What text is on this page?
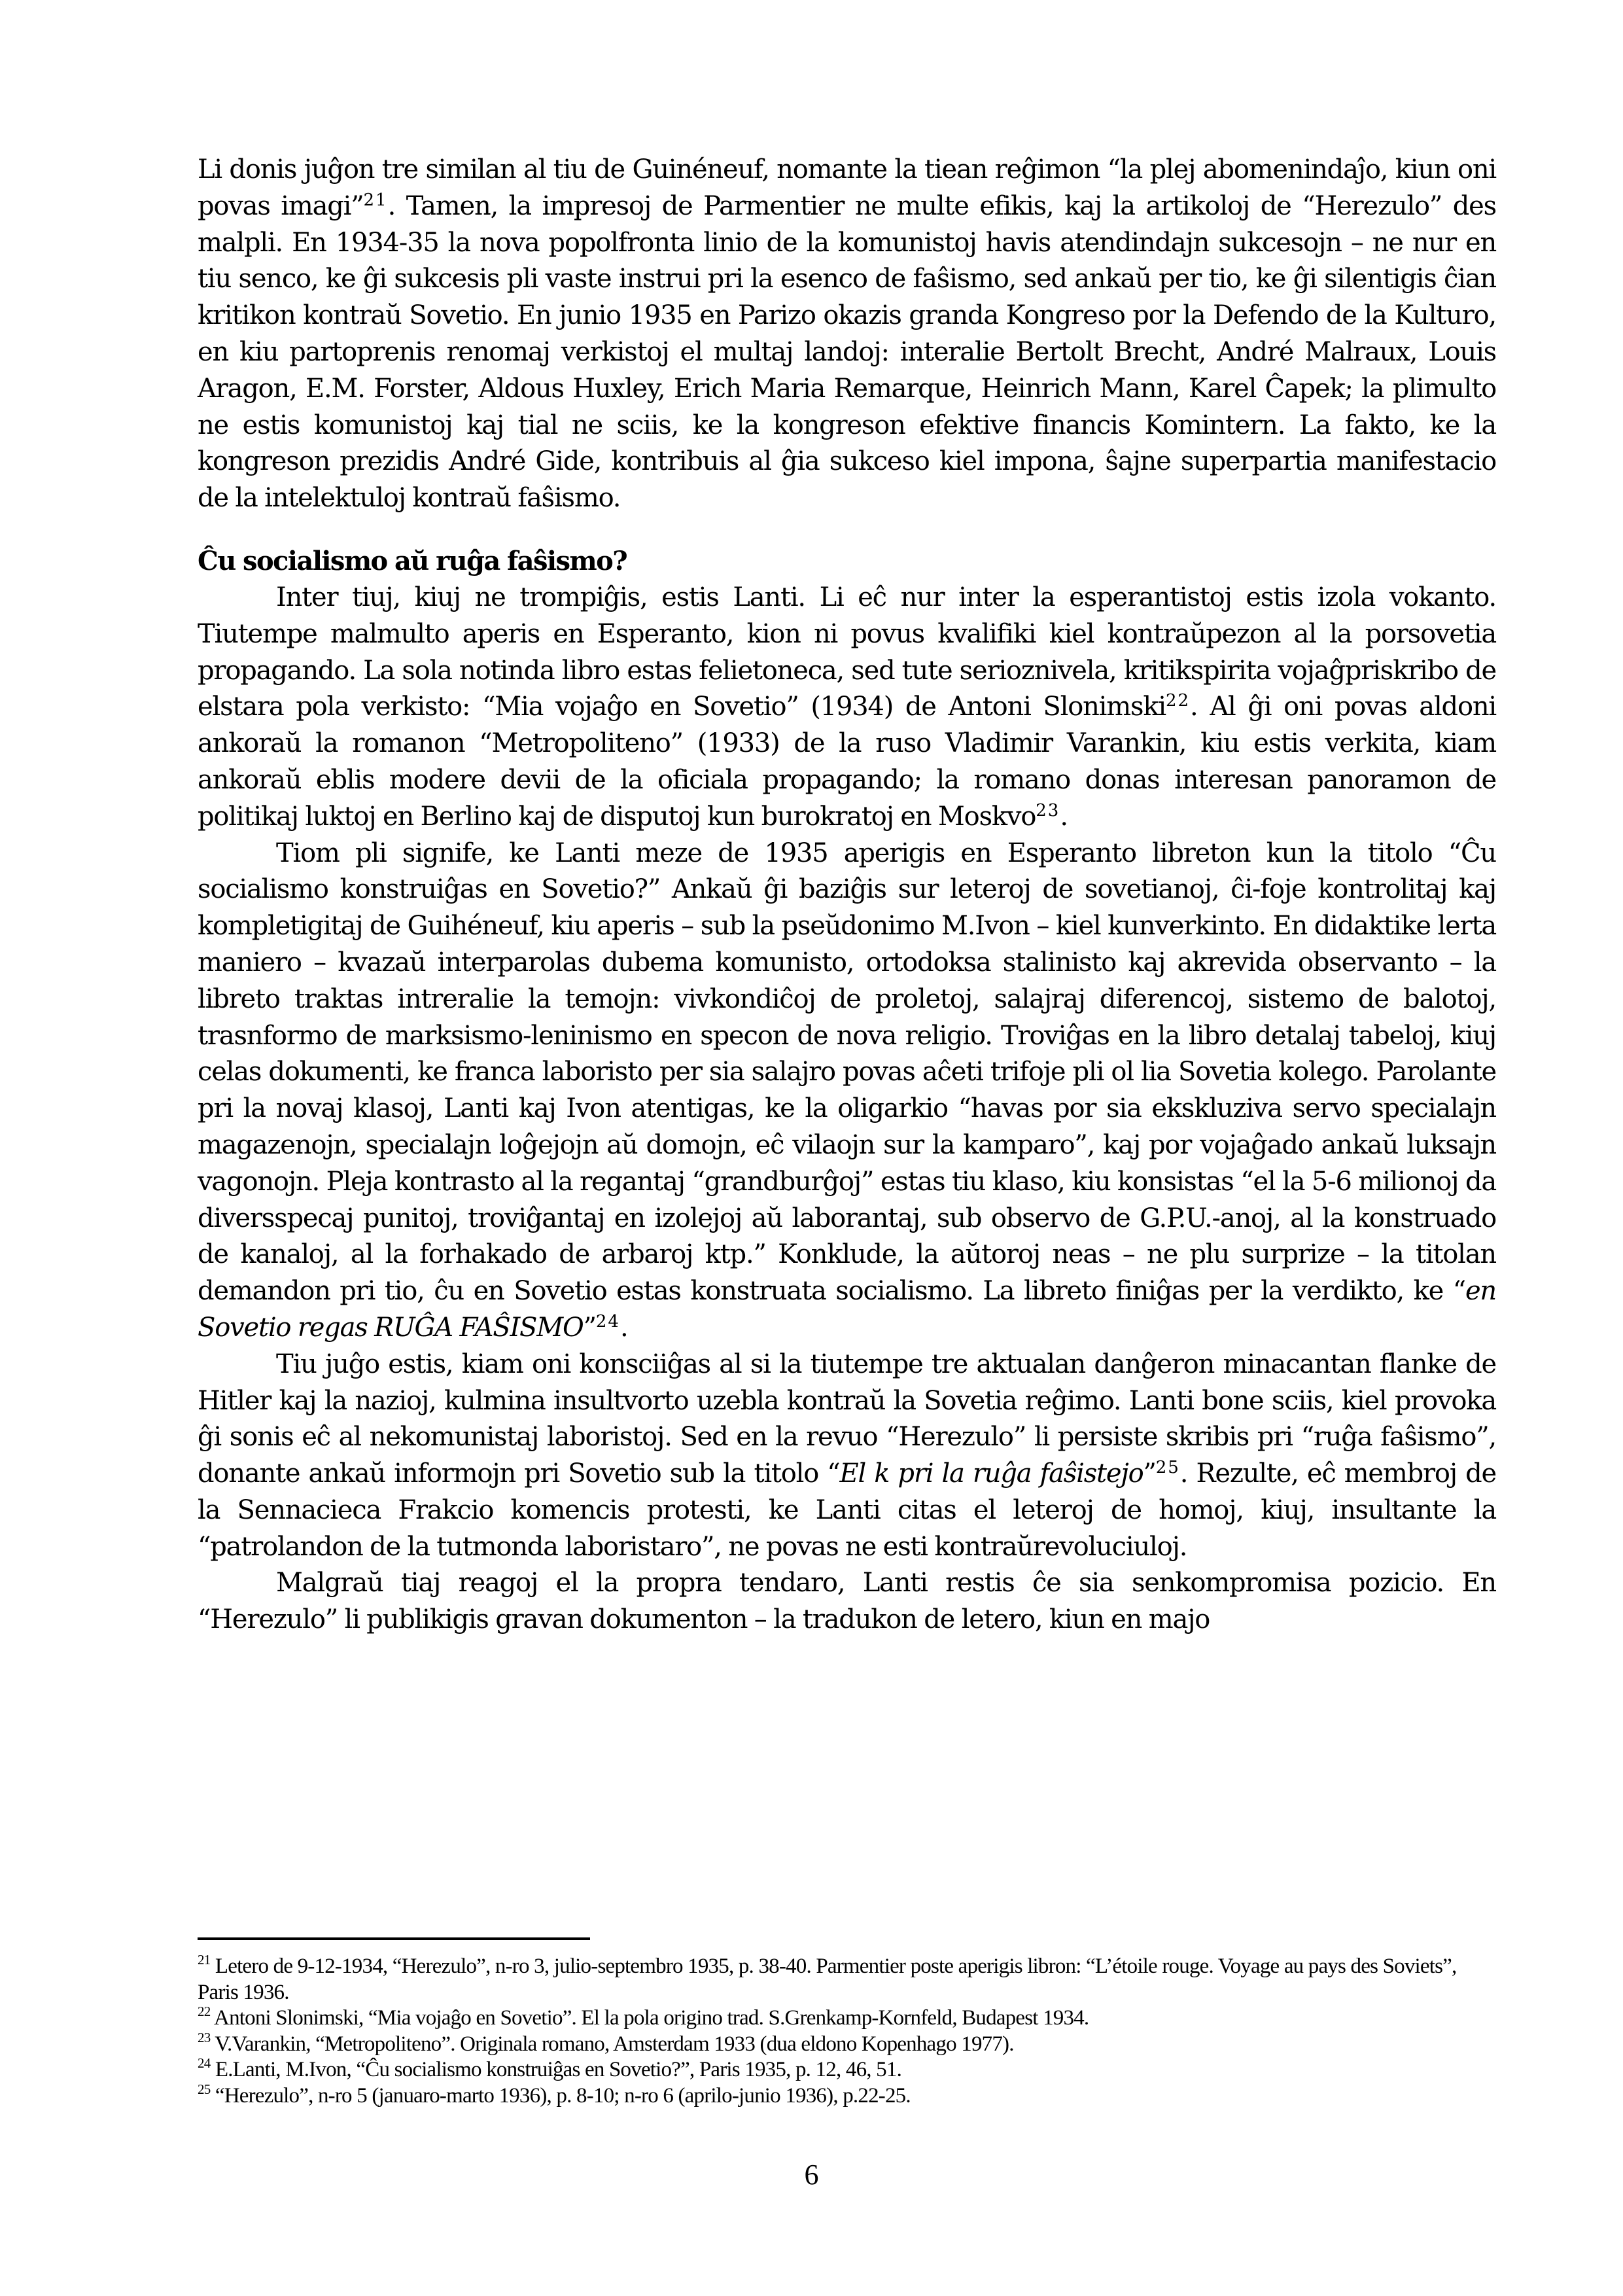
Li donis juĝon tre similan al tiu de Guinéneuf, nomante la tiean reĝimon “la plej abomenindaĵo, kiun oni povas imagi”$^{21}$. Tamen, la impresoj de Parmentier ne multe efikis, kaj la artikoloj de “Herezulo” des malpli. En 1934-35 la nova popolfronta linio de la komunistoj havis atendindajn sukcesojn – ne nur en tiu senco, ke ĝi sukcesis pli vaste instrui pri la esenco de faŝismo, sed ankaŭ per tio, ke ĝi silentigis ĉian kritikon kontraŭ Sovetio. En junio 1935 en Parizo okazis granda Kongreso por la Defendo de la Kulturo, en kiu partoprenis renomaj verkistoj el multaj landoj: interalie Bertolt Brecht, André Malraux, Louis Aragon, E.M. Forster, Aldous Huxley, Erich Maria Remarque, Heinrich Mann, Karel Ĉapek; la plimulto ne estis komunistoj kaj tial ne sciis, ke la kongreson efektive financis Komintern. La fakto, ke la kongreson prezidis André Gide, kontribuis al ĝia sukceso kiel impona, ŝajne superpartia manifestacio de la intelektuloj kontraŭ faŝismo.

Ĉu socialismo aŭ ruĝa faŝismo?

Inter tiuj, kiuj ne trompiĝis, estis Lanti. Li eĉ nur inter la esperantistoj estis izola vokanto. Tiutempe malmulto aperis en Esperanto, kion ni povus kvalifiki kiel kontraŭpezon al la porsovetia propagando. La sola notinda libro estas felietoneca, sed tute serioznivela, kritikspirita vojaĝpriskribo de elstara pola verkisto: “Mia vojaĝo en Sovetio” (1934) de Antoni Slonimski$^{22}$. Al ĝi oni povas aldoni ankoraŭ la romanon “Metropoliteno” (1933) de la ruso Vladimir Varankin, kiu estis verkita, kiam ankoraŭ eblis modere devii de la oficiala propagando; la romano donas interesan panoramon de politikaj luktoj en Berlino kaj de disputoj kun burokratoj en Moskvo$^{23}$.

Tiom pli signife, ke Lanti meze de 1935 aperigis en Esperanto libreton kun la titolo “Ĉu socialismo konstruiĝas en Sovetio?” Ankaŭ ĝi baziĝis sur leteroj de sovetianoj, ĉi-foje kontrolitaj kaj kompletigitaj de Guihéneuf, kiu aperis – sub la pseŭdonimo M.Ivon – kiel kunverkinto. En didaktike lerta maniero – kvazaŭ interparolas dubema komunisto, ortodoksa stalinisto kaj akrevida observanto – la libreto traktas intreralie la temojn: vivkondiĉoj de proletoj, salajraj diferencoj, sistemo de balotoj, trasnformo de marksismo-leninismo en specon de nova religio. Troviĝas en la libro detalaj tabeloj, kiuj celas dokumenti, ke franca laboristo per sia salajro povas aĉeti trifoje pli ol lia Sovetia kolego. Parolante pri la novaj klasoj, Lanti kaj Ivon atentigas, ke la oligarkio “havas por sia ekskluziva servo specialajn magazenojn, specialajn loĝejojn aŭ domojn, eĉ vilaojn sur la kamparo”, kaj por vojaĝado ankaŭ luksajn vagonojn. Pleja kontrasto al la regantaj “grandburĝoj” estas tiu klaso, kiu konsistas “el la 5-6 milionoj da diversspecaj punitoj, troviĝantaj en izolejoj aŭ laborantaj, sub observo de G.P.U.-anoj, al la konstruado de kanaloj, al la forhakado de arbaroj ktp.” Konklude, la aŭtoroj neas – ne plu surprize – la titolan demandon pri tio, ĉu en Sovetio estas konstruata socialismo. La libreto finiĝas per la verdikto, ke “en Sovetio regas RUĜA FAŜISMO”$^{24}$.

Tiu juĝo estis, kiam oni konsciiĝas al si la tiutempe tre aktualan danĝeron minacantan flanke de Hitler kaj la nazioj, kulmina insultvorto uzebla kontraŭ la Sovetia reĝimo. Lanti bone sciis, kiel provoka ĝi sonis eĉ al nekomunistaj laboristoj. Sed en la revuo “Herezulo” li persiste skribis pri “ruĝa faŝismo”, donante ankaŭ informojn pri Sovetio sub la titolo “El k pri la ruĝa faŝistejo”$^{25}$. Rezulte, eĉ membroj de la Sennacieca Frakcio komencis protesti, ke Lanti citas el leteroj de homoj, kiuj, insultante la “patrolandon de la tutmonda laboristaro”, ne povas ne esti kontraŭrevoluciuloj.

Malgraŭ tiaj reagoj el la propra tendaro, Lanti restis ĉe sia senkompromisa pozicio. En “Herezulo” li publikigis gravan dokumenton – la tradukon de letero, kiun en majo

$^{21}$ Letero de 9-12-1934, “Herezulo”, n-ro 3, julio-septembro 1935, p. 38-40. Parmentier poste aperigis libron: “L’étoile rouge. Voyage au pays des Soviets”, Paris 1936.

$^{22}$ Antoni Slonimski, “Mia vojaĝo en Sovetio”. El la pola origino trad. S.Grenkamp-Kornfeld, Budapest 1934.

$^{23}$ V.Varankin, “Metropoliteno”. Originala romano, Amsterdam 1933 (dua eldono Kopenhago 1977).

$^{24}$ E.Lanti, M.Ivon, “Ĉu socialismo konstruiĝas en Sovetio?”, Paris 1935, p. 12, 46, 51.

$^{25}$ “Herezulo”, n-ro 5 (januaro-marto 1936), p. 8-10; n-ro 6 (aprilo-junio 1936), p.22-25.

6
